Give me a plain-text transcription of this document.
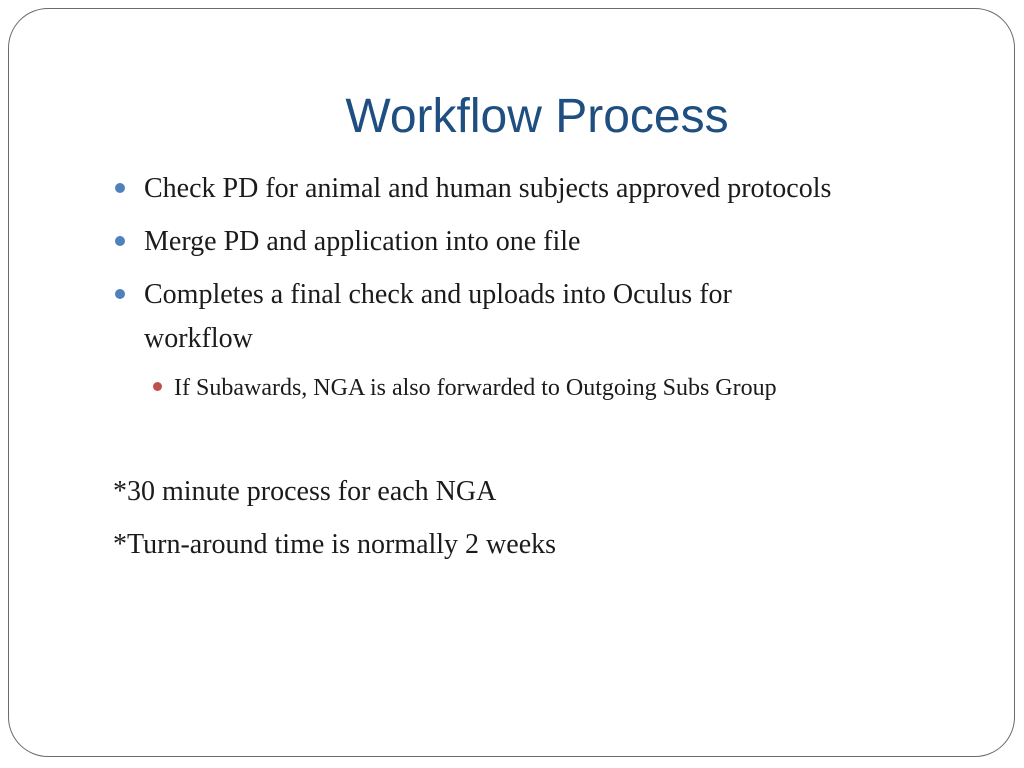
Workflow Process
Check PD for animal and human subjects approved protocols
Merge PD and application into one file
Completes a final check and uploads into Oculus for
workflow
If Subawards, NGA is also forwarded to Outgoing Subs Group
*30 minute process for each NGA
*Turn-around time is normally 2 weeks
